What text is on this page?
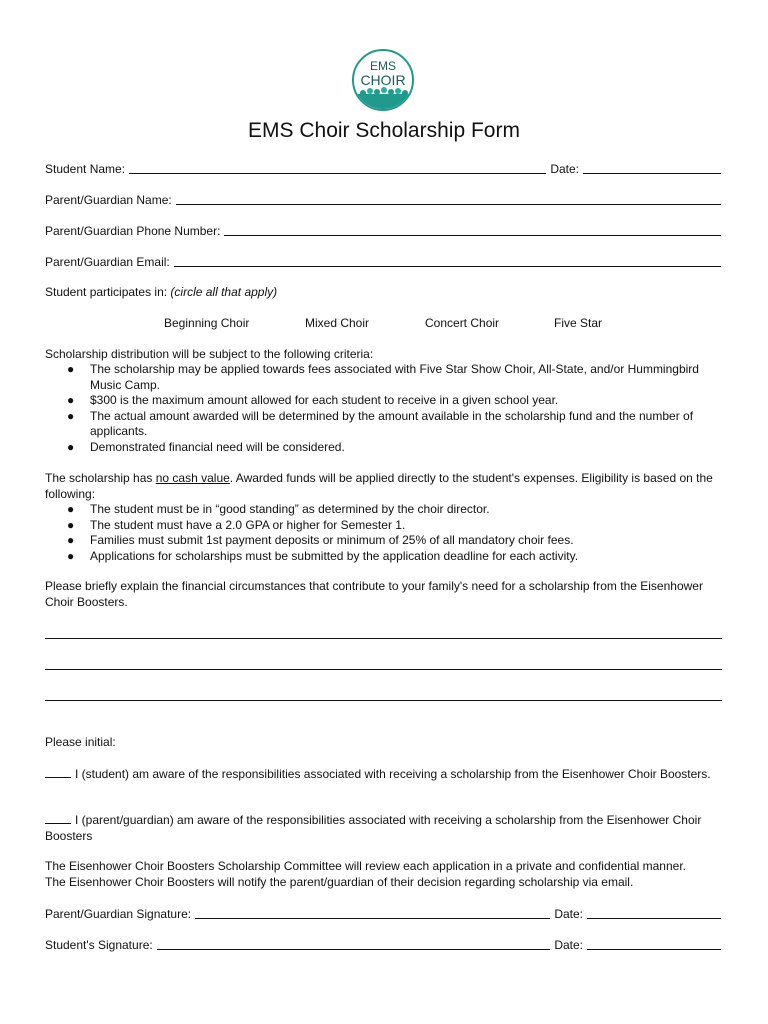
EMS
CHOIR
EMS Choir Scholarship Form
Student Name:	Date:
Parent/Guardian Name:
Parent/Guardian Phone Number:
Parent/Guardian Email:
Student participates in: (circle all that apply)
Beginning Choir	Mixed Choir	Concert Choir	Five Star
Scholarship distribution will be subject to the following criteria:
● The scholarship may be applied towards fees associated with Five Star Show Choir, All-State, and/or Hummingbird Music Camp.
● $300 is the maximum amount allowed for each student to receive in a given school year.
● The actual amount awarded will be determined by the amount available in the scholarship fund and the number of applicants.
● Demonstrated financial need will be considered.
The scholarship has no cash value. Awarded funds will be applied directly to the student's expenses. Eligibility is based on the following:
● The student must be in “good standing” as determined by the choir director.
● The student must have a 2.0 GPA or higher for Semester 1.
● Families must submit 1st payment deposits or minimum of 25% of all mandatory choir fees.
● Applications for scholarships must be submitted by the application deadline for each activity.
Please briefly explain the financial circumstances that contribute to your family's need for a scholarship from the Eisenhower Choir Boosters.
Please initial:
I (student) am aware of the responsibilities associated with receiving a scholarship from the Eisenhower Choir Boosters.
I (parent/guardian) am aware of the responsibilities associated with receiving a scholarship from the Eisenhower Choir Boosters
The Eisenhower Choir Boosters Scholarship Committee will review each application in a private and confidential manner.
The Eisenhower Choir Boosters will notify the parent/guardian of their decision regarding scholarship via email.
Parent/Guardian Signature:	Date:
Student's Signature:	Date:
